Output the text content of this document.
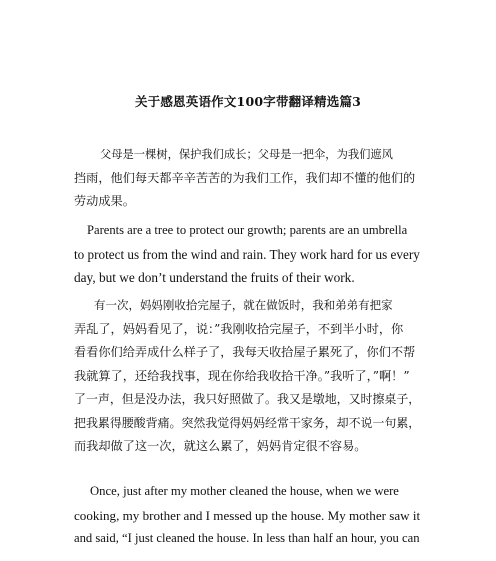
关于感恩英语作文100字带翻译精选篇3
父母是一棵树，保护我们成长；父母是一把伞，为我们遮风
挡雨，他们每天都辛辛苦苦的为我们工作，我们却不懂的他们的
劳动成果。
Parents are a tree to protect our growth; parents are an umbrella
to protect us from the wind and rain. They work hard for us every
day, but we don’t understand the fruits of their work.
有一次，妈妈刚收拾完屋子，就在做饭时，我和弟弟有把家
弄乱了，妈妈看见了，说：”我刚收拾完屋子，不到半小时，你
看看你们给弄成什么样子了，我每天收拾屋子累死了，你们不帮
我就算了，还给我找事，现在你给我收拾干净。”我听了，”啊！”
了一声，但是没办法，我只好照做了。我又是墩地，又时擦桌子，
把我累得腰酸背痛。突然我觉得妈妈经常干家务，却不说一句累，
而我却做了这一次，就这么累了，妈妈肯定很不容易。
Once, just after my mother cleaned the house, when we were
cooking, my brother and I messed up the house. My mother saw it
and said, “I just cleaned the house. In less than half an hour, you can
